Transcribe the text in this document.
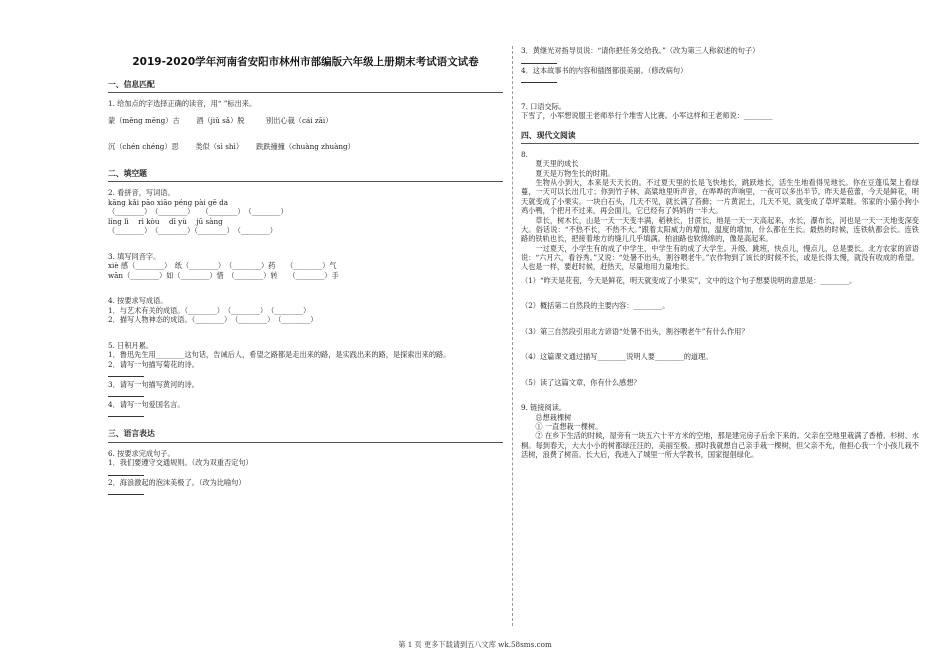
2019-2020学年河南省安阳市林州市部编版六年级上册期末考试语文试卷
一、信息匹配

1. 给加点的字选择正确的读音，用“ ”标出来。

蒙（měng mēng）古　　 酒（jiǔ sǎ）脱　　　别出心裁（cái zāi）

沉（chén chéng）思　　 类似（sì shì）　　 跌跌撞撞（chuàng zhuàng）

二、填空题

2. 看拼音，写词语。

kāng kǎi pāo xiāo péng pài gē da

（________）　（________）　　（________）　（________）

líng lì　 rì kòu　 dī yù　 jū sàng

（________）　（________）（________）　（________）

3. 填写同音字。

xiè 感（________）　纸（________）　（________）药　　（________）气

wān（________）如（________）惜　（________）转　　（________）手

4. 按要求写成语。

1．与艺术有关的成语。（________）　（________）　（________）

2．描写人物神态的成语。（________）　（________）　（________）

5. 日积月累。

1．鲁迅先生用________这句话，告诫后人，希望之路都是走出来的路，是实践出来的路，是探索出来的路。

2．请写一句描写菊花的诗。

3．请写一句描写黄河的诗。

4．请写一句爱国名言。

三、语言表达

6. 按要求完成句子。

1．我们要遵守交通规则。（改为双重否定句）

2．海浪激起的泡沫美极了。（改为比喻句）

3．黄继光对指导员说：“请你把任务交给我。”（改为第三人称叙述的句子）

4．这本故事书的内容和插图都很美丽。（修改病句）

7. 口语交际。

下雪了，小军想说服王老师举行个堆雪人比赛。小军这样和王老师说：________

四、现代文阅读

8.

夏天里的成长

夏天是万物生长的时期。

生物从小到大，本来是天天长的。不过夏天里的长是飞快地长，跳跃地长，活生生地看得见地长。你在豆蓬瓜架上看绿蔓，一天可以长出几寸；你到竹子林、高粱地里听声音，在哗哗的声响里，一夜可以多出半节。昨天是苞蕾，今天是鲜花，明天就变成了小果实。一块白石头，几天不见，就长满了苔藓；一片黄泥土，几天不见，就变成了草坪菜畦。邻家的小猫小狗小鸡小鸭，个把月不过来，再会面儿，它已经有了妈妈的一半大。

草长，树木长，山是一天一天变丰满，稻秧长，甘蔗长，地是一天一天高起来，水长，瀑布长，河也是一天一天地变深变大。俗话说：“不热不长，不热不大。”跟着太阳威力的增加，温度的增加，什么都在生长。最热的时候，连铁轨都会长。连铁路的铁轨也长，把接着地方的缝儿几乎填满。柏油路也软绵绵的，像是高起来。

一过夏天，小学生有的成了中学生，中学生有的成了大学生。升级、跳班，快点儿，慢点儿，总是要长。北方农家的谚语说：“六月六，看谷秀。”又说：“处暑不出头，割谷喂老牛。”农作物到了该长的时候不长，或是长得太慢，就没有收成的希望。人也是一样，要赶时候，赶热天，尽量地用力量地长。

（1）“昨天是花苞，今天是鲜花，明天就变成了小果实”，文中的这个句子想要说明的意思是：________。

（2）概括第二自然段的主要内容：________。

（3）第三自然段引用北方谚语“处暑不出头，割谷喂老牛”有什么作用？

（4）这篇课文通过描写________说明人要________的道理。

（5）读了这篇文章，你有什么感想？

9. 链接阅读。

总想栽棵树

① 一直想栽一棵树。

② 在乡下生活的时候，屋旁有一块五六十平方米的空地，那是建完房子后余下来的。父亲在空地里栽满了香椿、杉树、水桐。每到春天，大大小小的树都绿汪汪的，美丽至极。那时我就想自己亲手栽一棵树，但父亲不允，他担心我一个小孩儿栽不活树，浪费了树苗。长大后，我进入了城里一所大学教书，国家提倡绿化。

第 1 页 更多下载请到五八文库 wk.58sms.com
